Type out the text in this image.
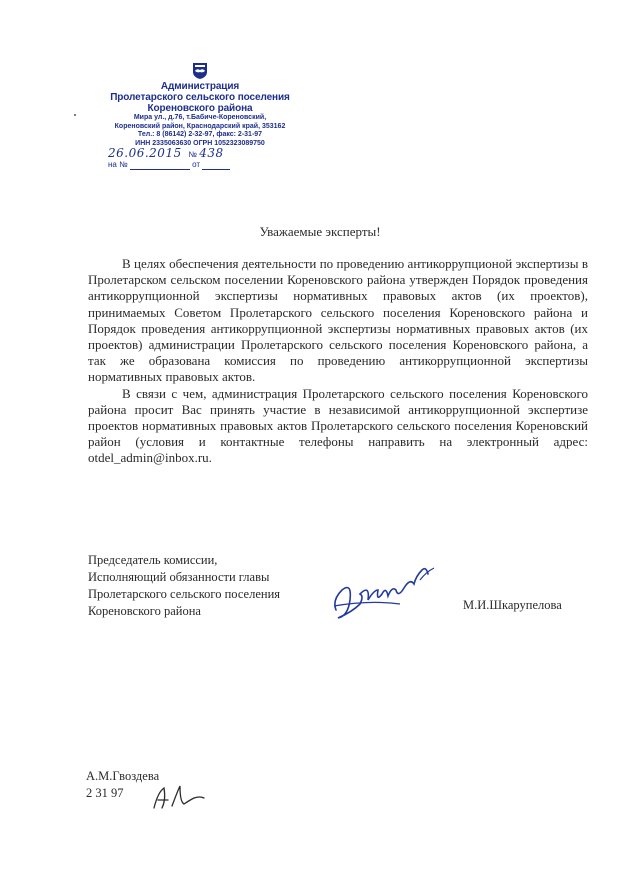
Администрация
Пролетарского сельского поселения
Кореновского района
Мира ул., д.76, т.Бабиче-Кореновский,
Кореновский район, Краснодарский край, 353162
Тел.: 8 (86142) 2-32-97, факс: 2-31-97
ИНН 2335063630 ОГРН 1052323089750
26.06.2015 № 438
на №	от
Уважаемые эксперты!

В целях обеспечения деятельности по проведению антикоррупционой экспертизы в Пролетарском сельском поселении Кореновского района утвержден Порядок проведения антикоррупционной экспертизы нормативных правовых актов (их проектов), принимаемых Советом Пролетарского сельского поселения Кореновского района и Порядок проведения антикоррупционной экспертизы нормативных правовых актов (их проектов) администрации Пролетарского сельского поселения Кореновского района, а так же образована комиссия по проведению антикоррупционной экспертизы нормативных правовых актов.

В связи с чем, администрация Пролетарского сельского поселения Кореновского района просит Вас принять участие в независимой антикоррупционной экспертизе проектов нормативных правовых актов Пролетарского сельского поселения Кореновский район (условия и контактные телефоны направить на электронный адрес: otdel_admin@inbox.ru.

Председатель комиссии,
Исполняющий обязанности главы
Пролетарского сельского поселения
Кореновского района	М.И.Шкарупелова
А.М.Гвоздева
2 31 97
